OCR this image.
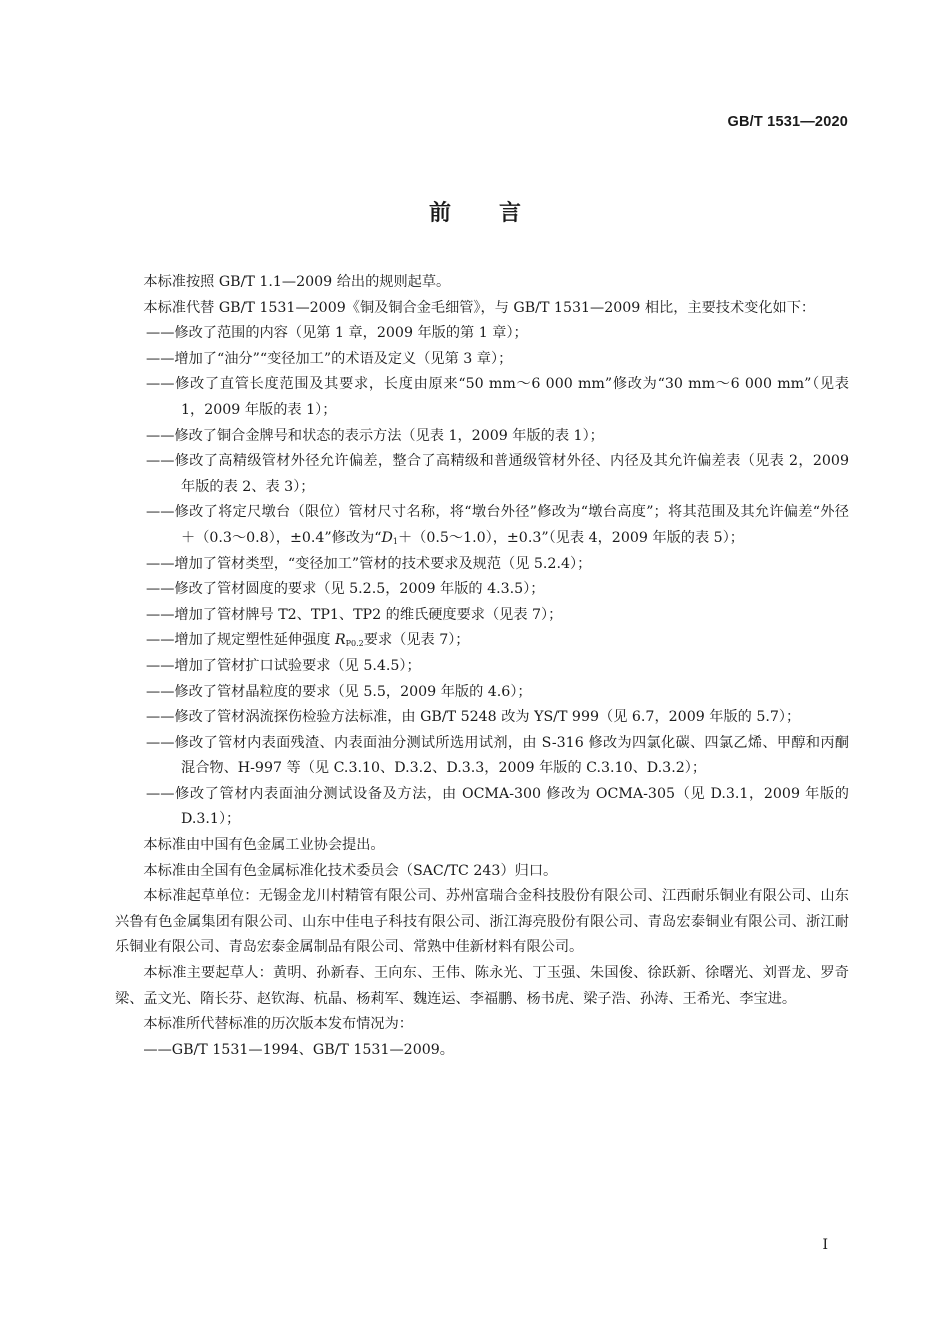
GB/T 1531—2020
前言

本标准按照 GB/T 1.1—2009 给出的规则起草。

本标准代替 GB/T 1531—2009《铜及铜合金毛细管》，与 GB/T 1531—2009 相比，主要技术变化如下：

——修改了范围的内容（见第 1 章，2009 年版的第 1 章）；

——增加了“油分”“变径加工”的术语及定义（见第 3 章）；

——修改了直管长度范围及其要求，长度由原来“50 mm～6 000 mm”修改为“30 mm～6 000 mm”（见表 1，2009 年版的表 1）；

——修改了铜合金牌号和状态的表示方法（见表 1，2009 年版的表 1）；

——修改了高精级管材外径允许偏差，整合了高精级和普通级管材外径、内径及其允许偏差表（见表 2，2009 年版的表 2、表 3）；

——修改了将定尺墩台（限位）管材尺寸名称，将“墩台外径”修改为“墩台高度”；将其范围及其允许偏差“外径＋（0.3～0.8），±0.4”修改为“$D_1+(0.5\sim 1.0)$，±0.3”（见表 4，2009 年版的表 5）；

——增加了管材类型，“变径加工”管材的技术要求及规范（见 5.2.4）；

——修改了管材圆度的要求（见 5.2.5，2009 年版的 4.3.5）；

——增加了管材牌号 T2、TP1、TP2 的维氏硬度要求（见表 7）；

——增加了规定塑性延伸强度 $R_{P0.2}$要求（见表 7）；

——增加了管材扩口试验要求（见 5.4.5）；

——修改了管材晶粒度的要求（见 5.5，2009 年版的 4.6）；

——修改了管材涡流探伤检验方法标准，由 GB/T 5248 改为 YS/T 999（见 6.7，2009 年版的 5.7）；

——修改了管材内表面残渣、内表面油分测试所选用试剂，由 S-316 修改为四氯化碳、四氯乙烯、甲醇和丙酮混合物、H-997 等（见 C.3.10、D.3.2、D.3.3，2009 年版的 C.3.10、D.3.2）；

——修改了管材内表面油分测试设备及方法，由 OCMA-300 修改为 OCMA-305（见 D.3.1，2009 年版的 D.3.1）；

本标准由中国有色金属工业协会提出。

本标准由全国有色金属标准化技术委员会（SAC/TC 243）归口。

本标准起草单位：无锡金龙川村精管有限公司、苏州富瑞合金科技股份有限公司、江西耐乐铜业有限公司、山东兴鲁有色金属集团有限公司、山东中佳电子科技有限公司、浙江海亮股份有限公司、青岛宏泰铜业有限公司、浙江耐乐铜业有限公司、青岛宏泰金属制品有限公司、常熟中佳新材料有限公司。

本标准主要起草人：黄明、孙新春、王向东、王伟、陈永光、丁玉强、朱国俊、徐跃新、徐曙光、刘晋龙、罗奇梁、孟文光、隋长芬、赵钦海、杭晶、杨莉军、魏连运、李福鹏、杨书虎、梁子浩、孙涛、王希光、李宝进。

本标准所代替标准的历次版本发布情况为：

——GB/T 1531—1994、GB/T 1531—2009。

I
